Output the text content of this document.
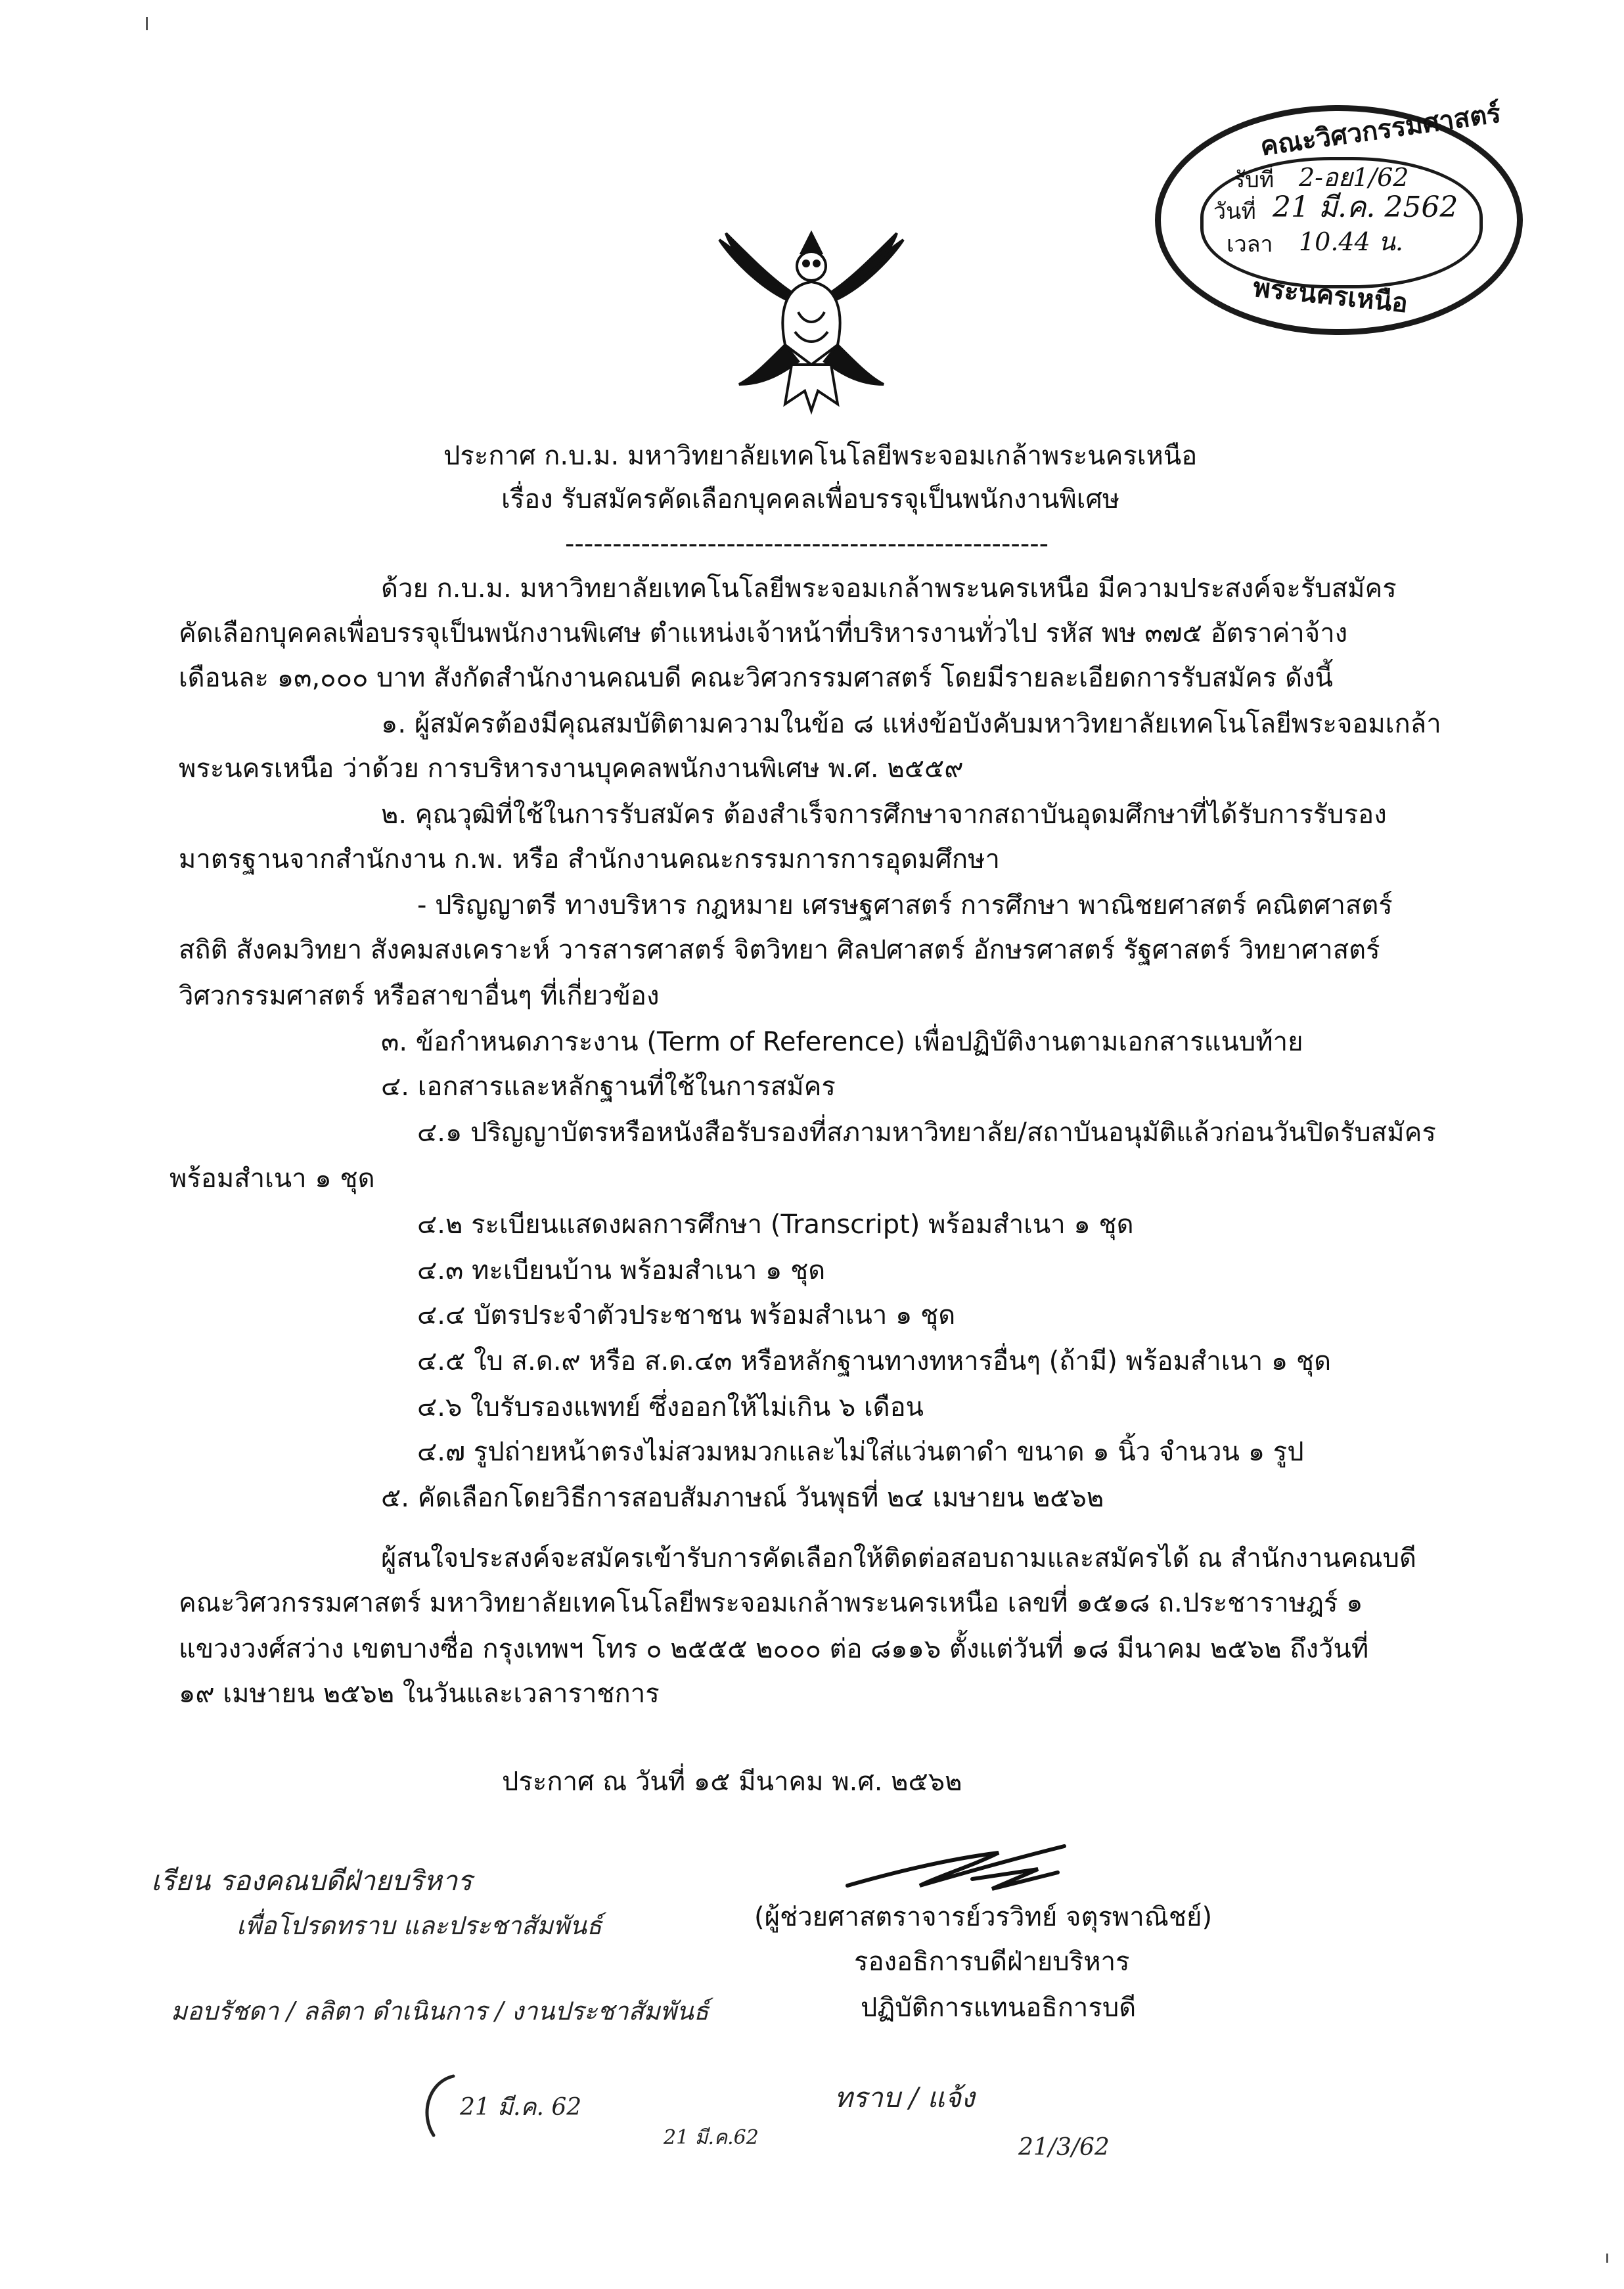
คณะวิศวกรรมศาสตร์
รับที่ 2-อย1/62
วันที่ 21 มี.ค. 2562
เวลา 10.44 น.
พระนครเหนือ
ประกาศ ก.บ.ม. มหาวิทยาลัยเทคโนโลยีพระจอมเกล้าพระนครเหนือ
เรื่อง รับสมัครคัดเลือกบุคคลเพื่อบรรจุเป็นพนักงานพิเศษ
---------------------------------------------------
ด้วย ก.บ.ม. มหาวิทยาลัยเทคโนโลยีพระจอมเกล้าพระนครเหนือ มีความประสงค์จะรับสมัคร
คัดเลือกบุคคลเพื่อบรรจุเป็นพนักงานพิเศษ ตำแหน่งเจ้าหน้าที่บริหารงานทั่วไป รหัส พษ ๓๗๕ อัตราค่าจ้าง
เดือนละ ๑๓,๐๐๐ บาท สังกัดสำนักงานคณบดี คณะวิศวกรรมศาสตร์ โดยมีรายละเอียดการรับสมัคร ดังนี้
๑. ผู้สมัครต้องมีคุณสมบัติตามความในข้อ ๘ แห่งข้อบังคับมหาวิทยาลัยเทคโนโลยีพระจอมเกล้า
พระนครเหนือ ว่าด้วย การบริหารงานบุคคลพนักงานพิเศษ พ.ศ. ๒๕๕๙
๒. คุณวุฒิที่ใช้ในการรับสมัคร ต้องสำเร็จการศึกษาจากสถาบันอุดมศึกษาที่ได้รับการรับรอง
มาตรฐานจากสำนักงาน ก.พ. หรือ สำนักงานคณะกรรมการการอุดมศึกษา
- ปริญญาตรี ทางบริหาร กฎหมาย เศรษฐศาสตร์ การศึกษา พาณิชยศาสตร์ คณิตศาสตร์
สถิติ สังคมวิทยา สังคมสงเคราะห์ วารสารศาสตร์ จิตวิทยา ศิลปศาสตร์ อักษรศาสตร์ รัฐศาสตร์ วิทยาศาสตร์
วิศวกรรมศาสตร์ หรือสาขาอื่นๆ ที่เกี่ยวข้อง
๓. ข้อกำหนดภาระงาน (Term of Reference) เพื่อปฏิบัติงานตามเอกสารแนบท้าย
๔. เอกสารและหลักฐานที่ใช้ในการสมัคร
๔.๑ ปริญญาบัตรหรือหนังสือรับรองที่สภามหาวิทยาลัย/สถาบันอนุมัติแล้วก่อนวันปิดรับสมัคร
พร้อมสำเนา ๑ ชุด
๔.๒ ระเบียนแสดงผลการศึกษา (Transcript) พร้อมสำเนา ๑ ชุด
๔.๓ ทะเบียนบ้าน พร้อมสำเนา ๑ ชุด
๔.๔ บัตรประจำตัวประชาชน พร้อมสำเนา ๑ ชุด
๔.๕ ใบ ส.ด.๙ หรือ ส.ด.๔๓ หรือหลักฐานทางทหารอื่นๆ (ถ้ามี) พร้อมสำเนา ๑ ชุด
๔.๖ ใบรับรองแพทย์ ซึ่งออกให้ไม่เกิน ๖ เดือน
๔.๗ รูปถ่ายหน้าตรงไม่สวมหมวกและไม่ใส่แว่นตาดำ ขนาด ๑ นิ้ว จำนวน ๑ รูป
๕. คัดเลือกโดยวิธีการสอบสัมภาษณ์ วันพุธที่ ๒๔ เมษายน ๒๕๖๒
ผู้สนใจประสงค์จะสมัครเข้ารับการคัดเลือกให้ติดต่อสอบถามและสมัครได้ ณ สำนักงานคณบดี
คณะวิศวกรรมศาสตร์ มหาวิทยาลัยเทคโนโลยีพระจอมเกล้าพระนครเหนือ เลขที่ ๑๕๑๘ ถ.ประชาราษฎร์ ๑
แขวงวงศ์สว่าง เขตบางซื่อ กรุงเทพฯ โทร ๐ ๒๕๕๕ ๒๐๐๐ ต่อ ๘๑๑๖ ตั้งแต่วันที่ ๑๘ มีนาคม ๒๕๖๒ ถึงวันที่
๑๙ เมษายน ๒๕๖๒ ในวันและเวลาราชการ
ประกาศ ณ วันที่ ๑๕ มีนาคม พ.ศ. ๒๕๖๒
(ผู้ช่วยศาสตราจารย์วรวิทย์ จตุรพาณิชย์)
รองอธิการบดีฝ่ายบริหาร
ปฏิบัติการแทนอธิการบดี
เรียน รองคณบดีฝ่ายบริหาร
เพื่อโปรดทราบ และประชาสัมพันธ์
มอบรัชดา / ลลิตา ดำเนินการ / งานประชาสัมพันธ์
21 มี.ค. 62
21 มี.ค.62
ทราบ / แจ้ง
21/3/62
